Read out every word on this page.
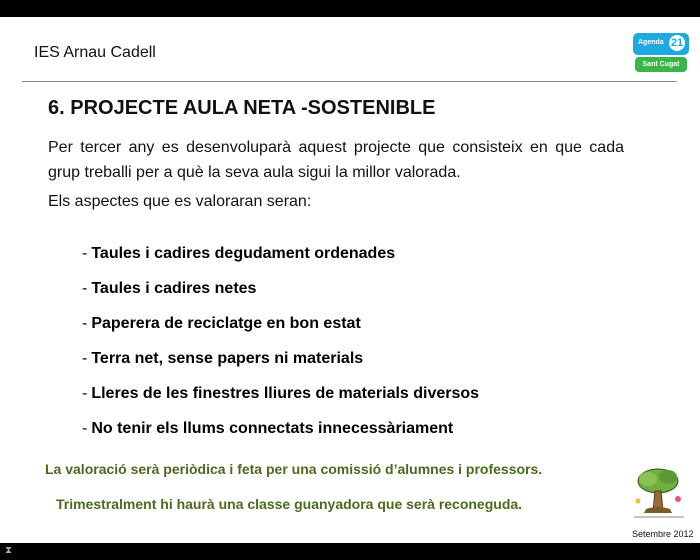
IES Arnau Cadell
Agenda 21
Sant Cugat
6. PROJECTE AULA NETA -SOSTENIBLE
Per tercer any es desenvoluparà aquest projecte que consisteix en que cada grup treballi per a què la seva aula sigui la millor valorada.
Els aspectes que es valoraran seran:
- Taules i cadires degudament ordenades
- Taules i cadires netes
- Paperera de reciclatge en bon estat
- Terra net, sense papers ni materials
- Lleres de les finestres lliures de materials diversos
- No tenir els llums connectats innecessàriament
La valoració serà periòdica i feta per una comissió d’alumnes i professors.
Trimestralment hi haurà una classe guanyadora que serà reconeguda.
Setembre 2012
⧗
